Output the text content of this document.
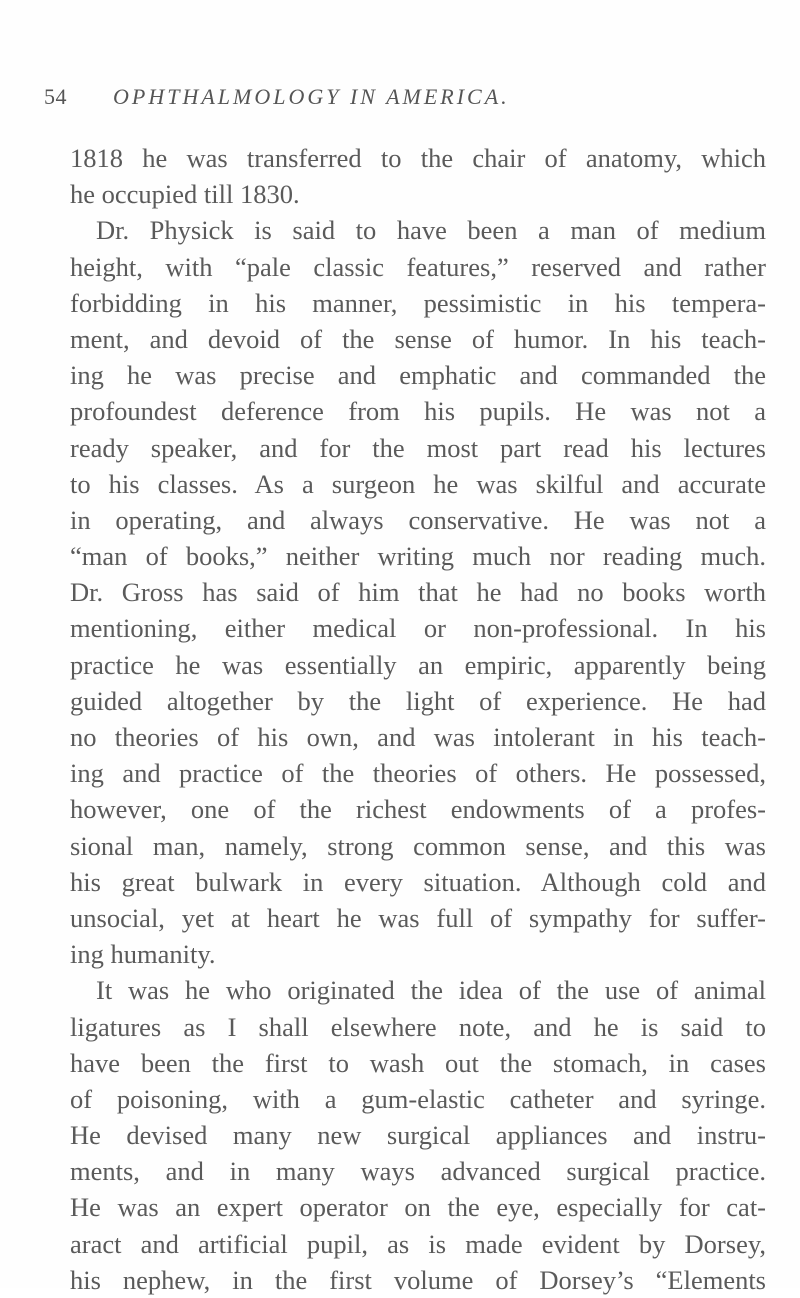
54 OPHTHALMOLOGY IN AMERICA.
1818 he was transferred to the chair of anatomy, which
he occupied till 1830.
Dr. Physick is said to have been a man of medium
height, with “pale classic features,” reserved and rather
forbidding in his manner, pessimistic in his tempera-
ment, and devoid of the sense of humor. In his teach-
ing he was precise and emphatic and commanded the
profoundest deference from his pupils. He was not a
ready speaker, and for the most part read his lectures
to his classes. As a surgeon he was skilful and accurate
in operating, and always conservative. He was not a
“man of books,” neither writing much nor reading much.
Dr. Gross has said of him that he had no books worth
mentioning, either medical or non-professional. In his
practice he was essentially an empiric, apparently being
guided altogether by the light of experience. He had
no theories of his own, and was intolerant in his teach-
ing and practice of the theories of others. He possessed,
however, one of the richest endowments of a profes-
sional man, namely, strong common sense, and this was
his great bulwark in every situation. Although cold and
unsocial, yet at heart he was full of sympathy for suffer-
ing humanity.
It was he who originated the idea of the use of animal
ligatures as I shall elsewhere note, and he is said to
have been the first to wash out the stomach, in cases
of poisoning, with a gum-elastic catheter and syringe.
He devised many new surgical appliances and instru-
ments, and in many ways advanced surgical practice.
He was an expert operator on the eye, especially for cat-
aract and artificial pupil, as is made evident by Dorsey,
his nephew, in the first volume of Dorsey’s “Elements
